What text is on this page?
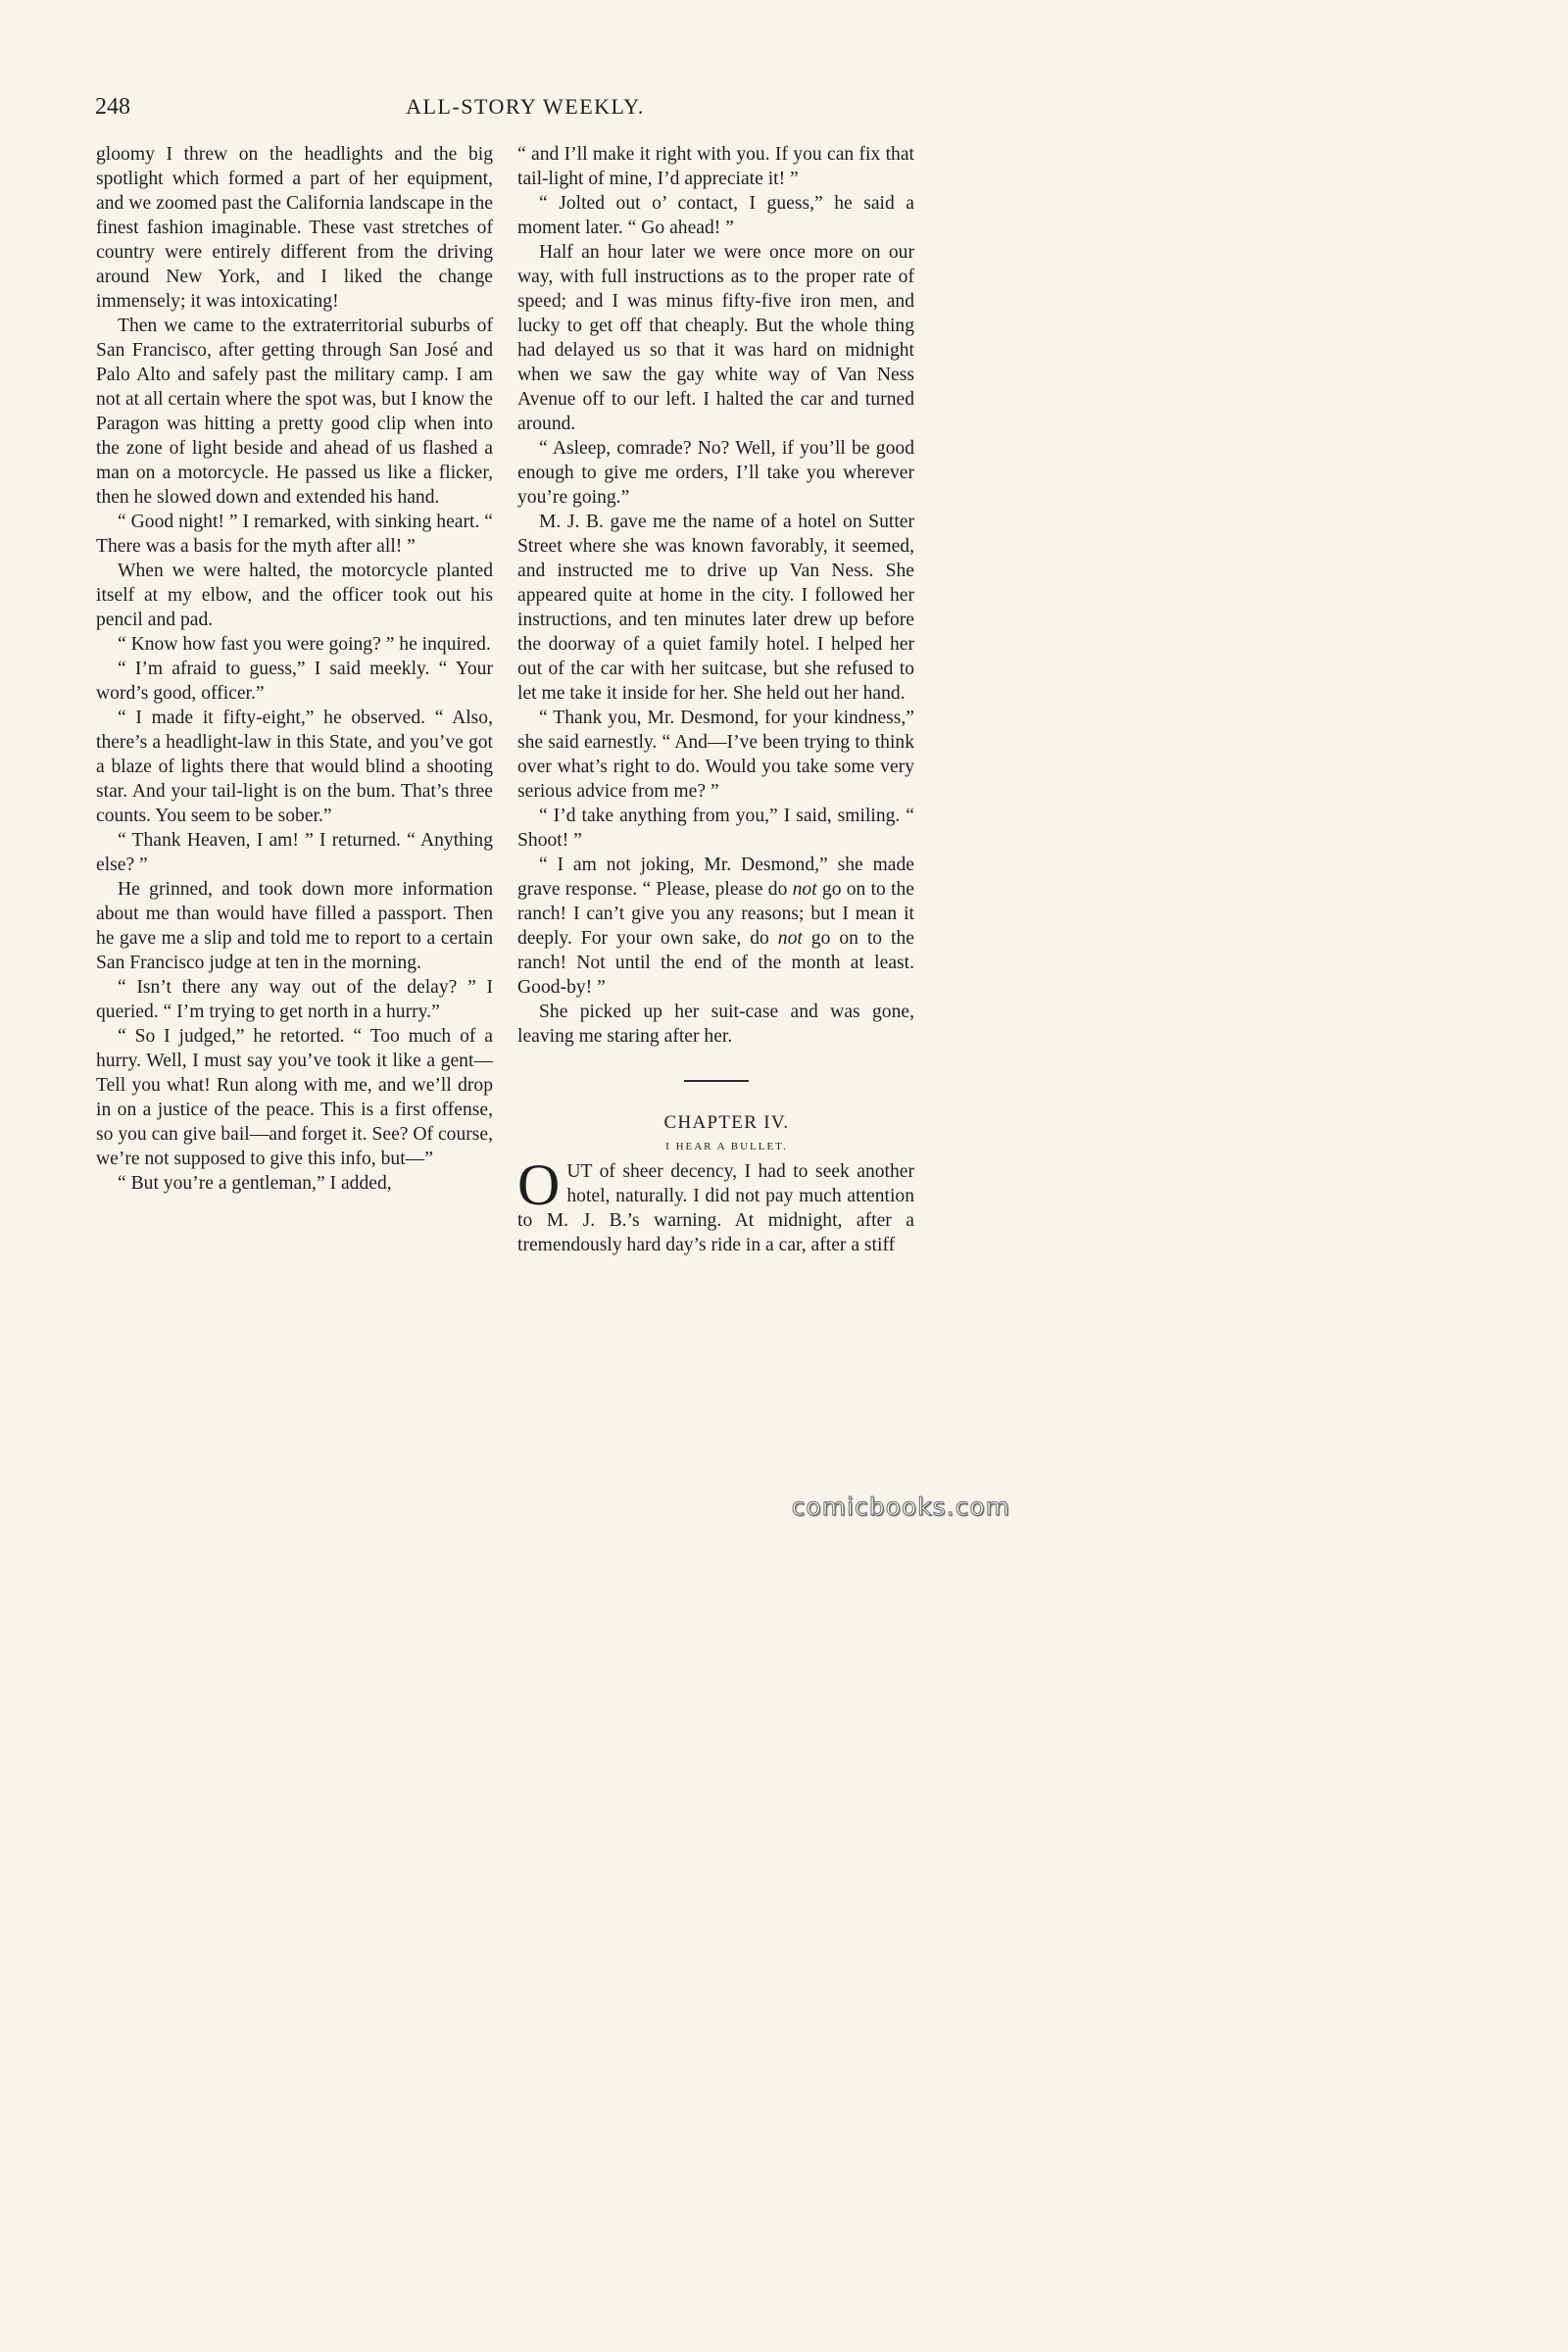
248	ALL-STORY WEEKLY.

gloomy I threw on the headlights and the big spotlight which formed a part of her equipment, and we zoomed past the California landscape in the finest fashion imaginable. These vast stretches of country were entirely different from the driving around New York, and I liked the change immensely; it was intoxicating!

Then we came to the extraterritorial suburbs of San Francisco, after getting through San José and Palo Alto and safely past the military camp. I am not at all certain where the spot was, but I know the Paragon was hitting a pretty good clip when into the zone of light beside and ahead of us flashed a man on a motorcycle. He passed us like a flicker, then he slowed down and extended his hand.

“ Good night! ” I remarked, with sinking heart. “ There was a basis for the myth after all! ”

When we were halted, the motorcycle planted itself at my elbow, and the officer took out his pencil and pad.

“ Know how fast you were going? ” he inquired.

“ I’m afraid to guess,” I said meekly. “ Your word’s good, officer.”

“ I made it fifty-eight,” he observed. “ Also, there’s a headlight-law in this State, and you’ve got a blaze of lights there that would blind a shooting star. And your tail-light is on the bum. That’s three counts. You seem to be sober.”

“ Thank Heaven, I am! ” I returned. “ Anything else? ”

He grinned, and took down more information about me than would have filled a passport. Then he gave me a slip and told me to report to a certain San Francisco judge at ten in the morning.

“ Isn’t there any way out of the delay? ” I queried. “ I’m trying to get north in a hurry.”

“ So I judged,” he retorted. “ Too much of a hurry. Well, I must say you’ve took it like a gent— Tell you what! Run along with me, and we’ll drop in on a justice of the peace. This is a first offense, so you can give bail—and forget it. See? Of course, we’re not supposed to give this info, but—”

“ But you’re a gentleman,” I added,

“ and I’ll make it right with you. If you can fix that tail-light of mine, I’d appreciate it! ”

“ Jolted out o’ contact, I guess,” he said a moment later. “ Go ahead! ”

Half an hour later we were once more on our way, with full instructions as to the proper rate of speed; and I was minus fifty-five iron men, and lucky to get off that cheaply. But the whole thing had delayed us so that it was hard on midnight when we saw the gay white way of Van Ness Avenue off to our left. I halted the car and turned around.

“ Asleep, comrade? No? Well, if you’ll be good enough to give me orders, I’ll take you wherever you’re going.”

M. J. B. gave me the name of a hotel on Sutter Street where she was known favorably, it seemed, and instructed me to drive up Van Ness. She appeared quite at home in the city. I followed her instructions, and ten minutes later drew up before the doorway of a quiet family hotel. I helped her out of the car with her suitcase, but she refused to let me take it inside for her. She held out her hand.

“ Thank you, Mr. Desmond, for your kindness,” she said earnestly. “ And—I’ve been trying to think over what’s right to do. Would you take some very serious advice from me? ”

“ I’d take anything from you,” I said, smiling. “ Shoot! ”

“ I am not joking, Mr. Desmond,” she made grave response. “ Please, please do not go on to the ranch! I can’t give you any reasons; but I mean it deeply. For your own sake, do not go on to the ranch! Not until the end of the month at least. Good-by! ”

She picked up her suit-case and was gone, leaving me staring after her.

CHAPTER IV.

I HEAR A BULLET.

OUT of sheer decency, I had to seek another hotel, naturally. I did not pay much attention to M. J. B.’s warning. At midnight, after a tremendously hard day’s ride in a car, after a stiff

comicbooks.com
